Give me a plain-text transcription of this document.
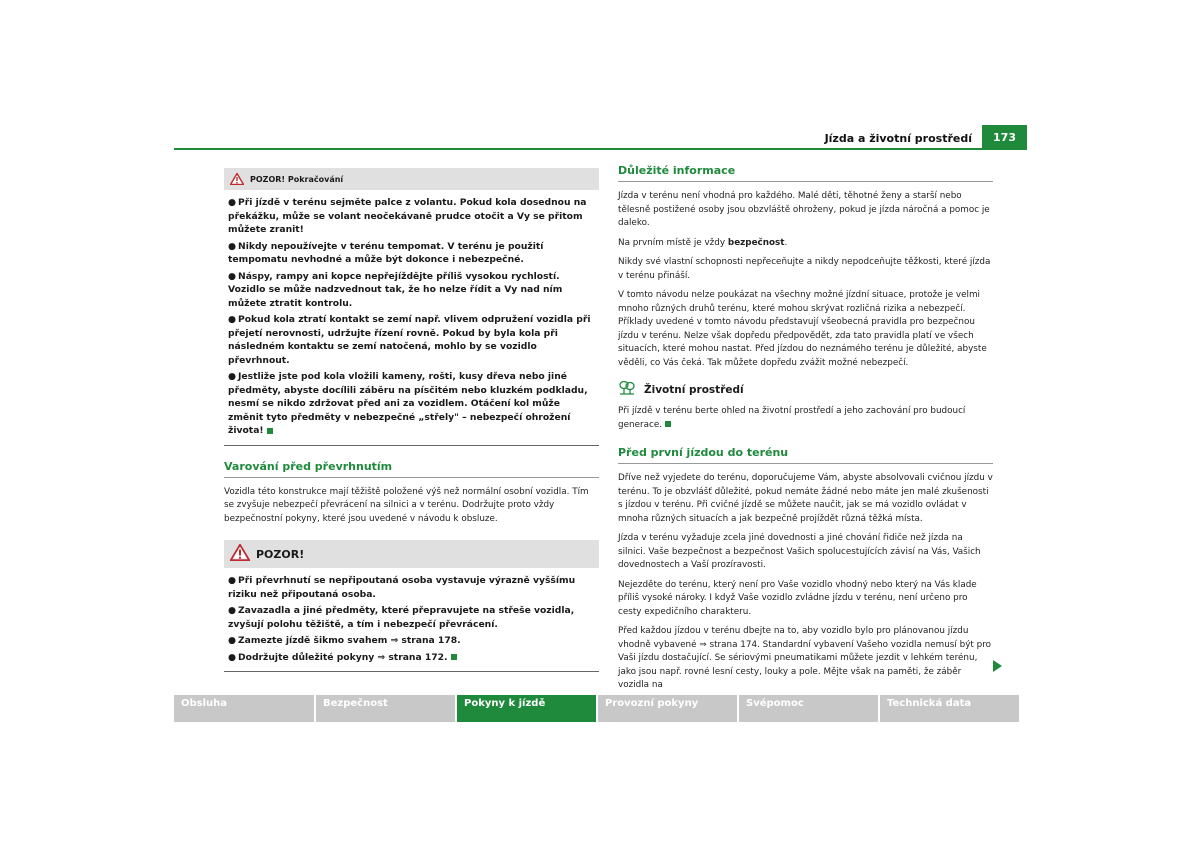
Jízda a životní prostředí	173
POZOR! Pokračování
● Při jízdě v terénu sejměte palce z volantu. Pokud kola dosednou na překážku, může se volant neočekávaně prudce otočit a Vy se přitom můžete zranit!
● Nikdy nepoužívejte v terénu tempomat. V terénu je použití tempomatu nevhodné a může být dokonce i nebezpečné.
● Náspy, rampy ani kopce nepřejíždějte příliš vysokou rychlostí. Vozidlo se může nadzvednout tak, že ho nelze řídit a Vy nad ním můžete ztratit kontrolu.
● Pokud kola ztratí kontakt se zemí např. vlivem odpružení vozidla při přejetí nerovnosti, udržujte řízení rovně. Pokud by byla kola při následném kontaktu se zemí natočená, mohlo by se vozidlo převrhnout.
● Jestliže jste pod kola vložili kameny, rošti, kusy dřeva nebo jiné předměty, abyste docílili záběru na písčitém nebo kluzkém podkladu, nesmí se nikdo zdržovat před ani za vozidlem. Otáčení kol může změnit tyto předměty v nebezpečné „střely" – nebezpečí ohrožení života!
Varování před převrhnutím

Vozidla této konstrukce mají těžiště položené výš než normální osobní vozidla. Tím se zvyšuje nebezpečí převrácení na silnici a v terénu. Dodržujte proto vždy bezpečnostní pokyny, které jsou uvedené v návodu k obsluze.

POZOR!
● Při převrhnutí se nepřipoutaná osoba vystavuje výrazně vyššímu riziku než připoutaná osoba.
● Zavazadla a jiné předměty, které přepravujete na střeše vozidla, zvyšují polohu těžiště, a tím i nebezpečí převrácení.
● Zamezte jízdě šikmo svahem ⇒ strana 178.
● Dodržujte důležité pokyny ⇒ strana 172.
Důležité informace

Jízda v terénu není vhodná pro každého. Malé děti, těhotné ženy a starší nebo tělesně postižené osoby jsou obzvláště ohroženy, pokud je jízda náročná a pomoc je daleko.

Na prvním místě je vždy bezpečnost.

Nikdy své vlastní schopnosti nepřeceňujte a nikdy nepodceňujte těžkosti, které jízda v terénu přináší.

V tomto návodu nelze poukázat na všechny možné jízdní situace, protože je velmi mnoho různých druhů terénu, které mohou skrývat rozličná rizika a nebezpečí. Příklady uvedené v tomto návodu představují všeobecná pravidla pro bezpečnou jízdu v terénu. Nelze však dopředu předpovědět, zda tato pravidla platí ve všech situacích, které mohou nastat. Před jízdou do neznámého terénu je důležité, abyste věděli, co Vás čeká. Tak můžete dopředu zvážit možné nebezpečí.

Životní prostředí

Při jízdě v terénu berte ohled na životní prostředí a jeho zachování pro budoucí generace.

Před první jízdou do terénu

Dříve než vyjedete do terénu, doporučujeme Vám, abyste absolvovali cvičnou jízdu v terénu. To je obzvlášť důležité, pokud nemáte žádné nebo máte jen malé zkušenosti s jízdou v terénu. Při cvičné jízdě se můžete naučit, jak se má vozidlo ovládat v mnoha různých situacích a jak bezpečně projíždět různá těžká místa.

Jízda v terénu vyžaduje zcela jiné dovednosti a jiné chování řidiče než jízda na silnici. Vaše bezpečnost a bezpečnost Vašich spolucestujících závisí na Vás, Vašich dovednostech a Vaší prozíravosti.

Nejezděte do terénu, který není pro Vaše vozidlo vhodný nebo který na Vás klade příliš vysoké nároky. I když Vaše vozidlo zvládne jízdu v terénu, není určeno pro cesty expedičního charakteru.

Před každou jízdou v terénu dbejte na to, aby vozidlo bylo pro plánovanou jízdu vhodně vybavené ⇒ strana 174. Standardní vybavení Vašeho vozidla nemusí být pro Vaši jízdu dostačující. Se sériovými pneumatikami můžete jezdit v lehkém terénu, jako jsou např. rovné lesní cesty, louky a pole. Mějte však na paměti, že záběr vozidla na

Obsluha	Bezpečnost	Pokyny k jízdě	Provozní pokyny	Svépomoc	Technická data
